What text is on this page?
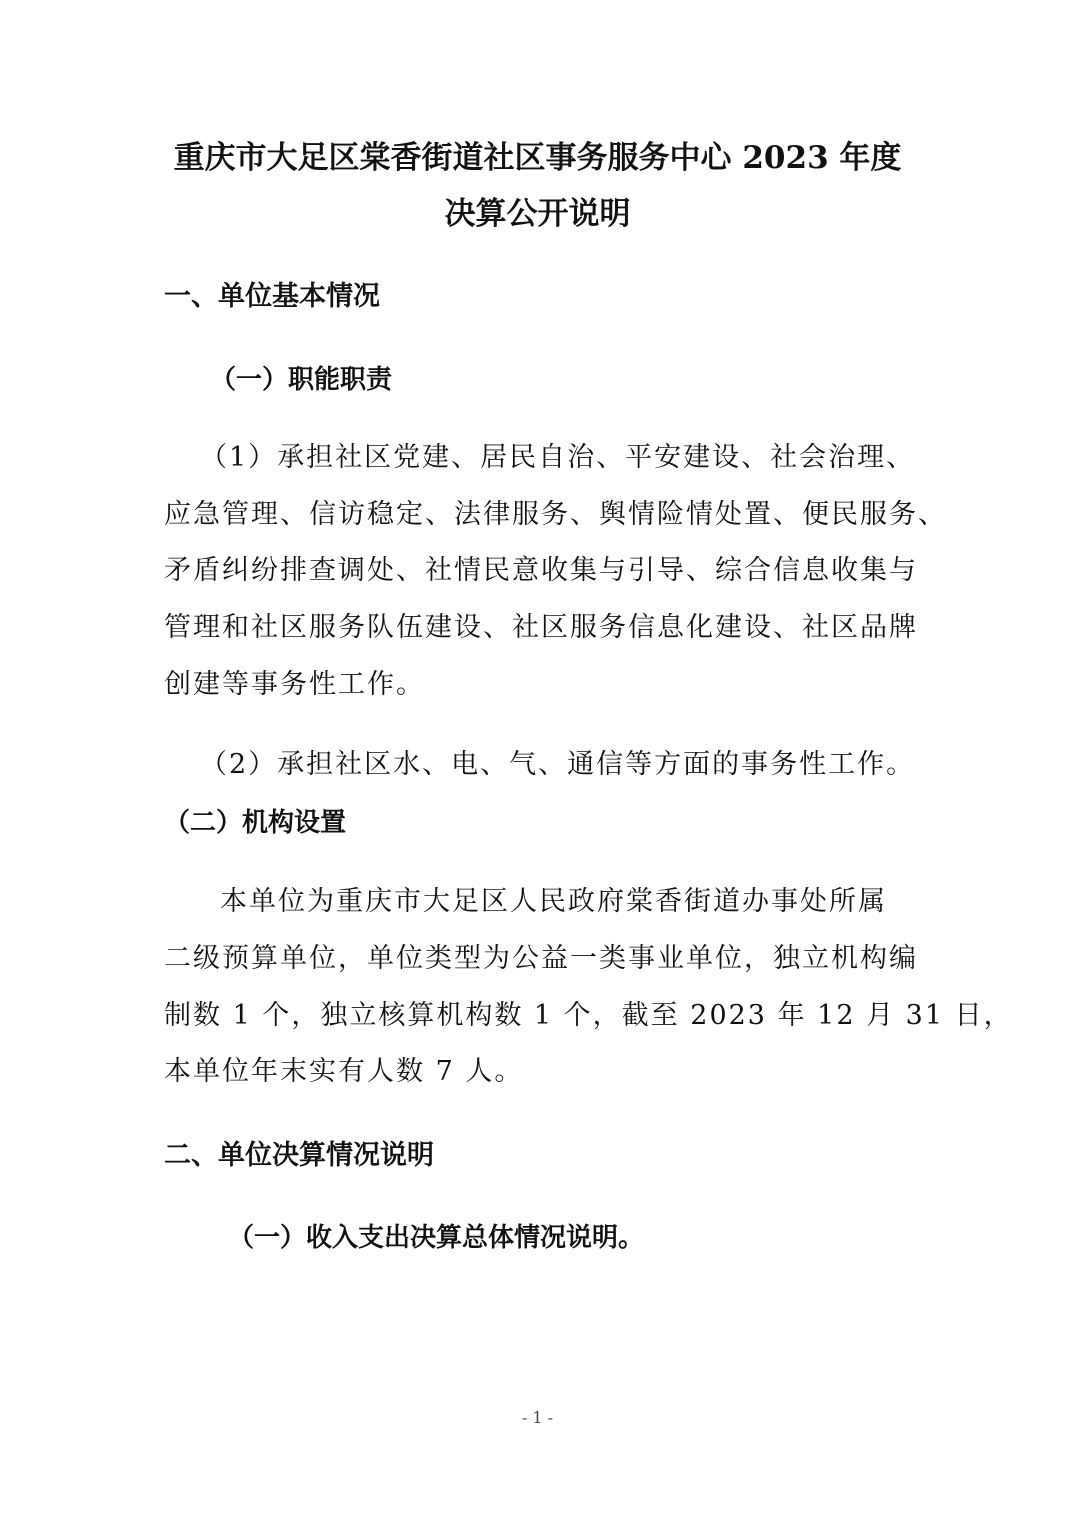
重庆市大足区棠香街道社区事务服务中心 2023 年度
决算公开说明
一、单位基本情况
（一）职能职责
（1）承担社区党建、居民自治、平安建设、社会治理、
应急管理、信访稳定、法律服务、舆情险情处置、便民服务、
矛盾纠纷排查调处、社情民意收集与引导、综合信息收集与
管理和社区服务队伍建设、社区服务信息化建设、社区品牌
创建等事务性工作。
（2）承担社区水、电、气、通信等方面的事务性工作。
（二）机构设置
本单位为重庆市大足区人民政府棠香街道办事处所属
二级预算单位，单位类型为公益一类事业单位，独立机构编
制数 1 个，独立核算机构数 1 个，截至 2023 年 12 月 31 日，
本单位年末实有人数 7 人。
二、单位决算情况说明
（一）收入支出决算总体情况说明。
- 1 -
